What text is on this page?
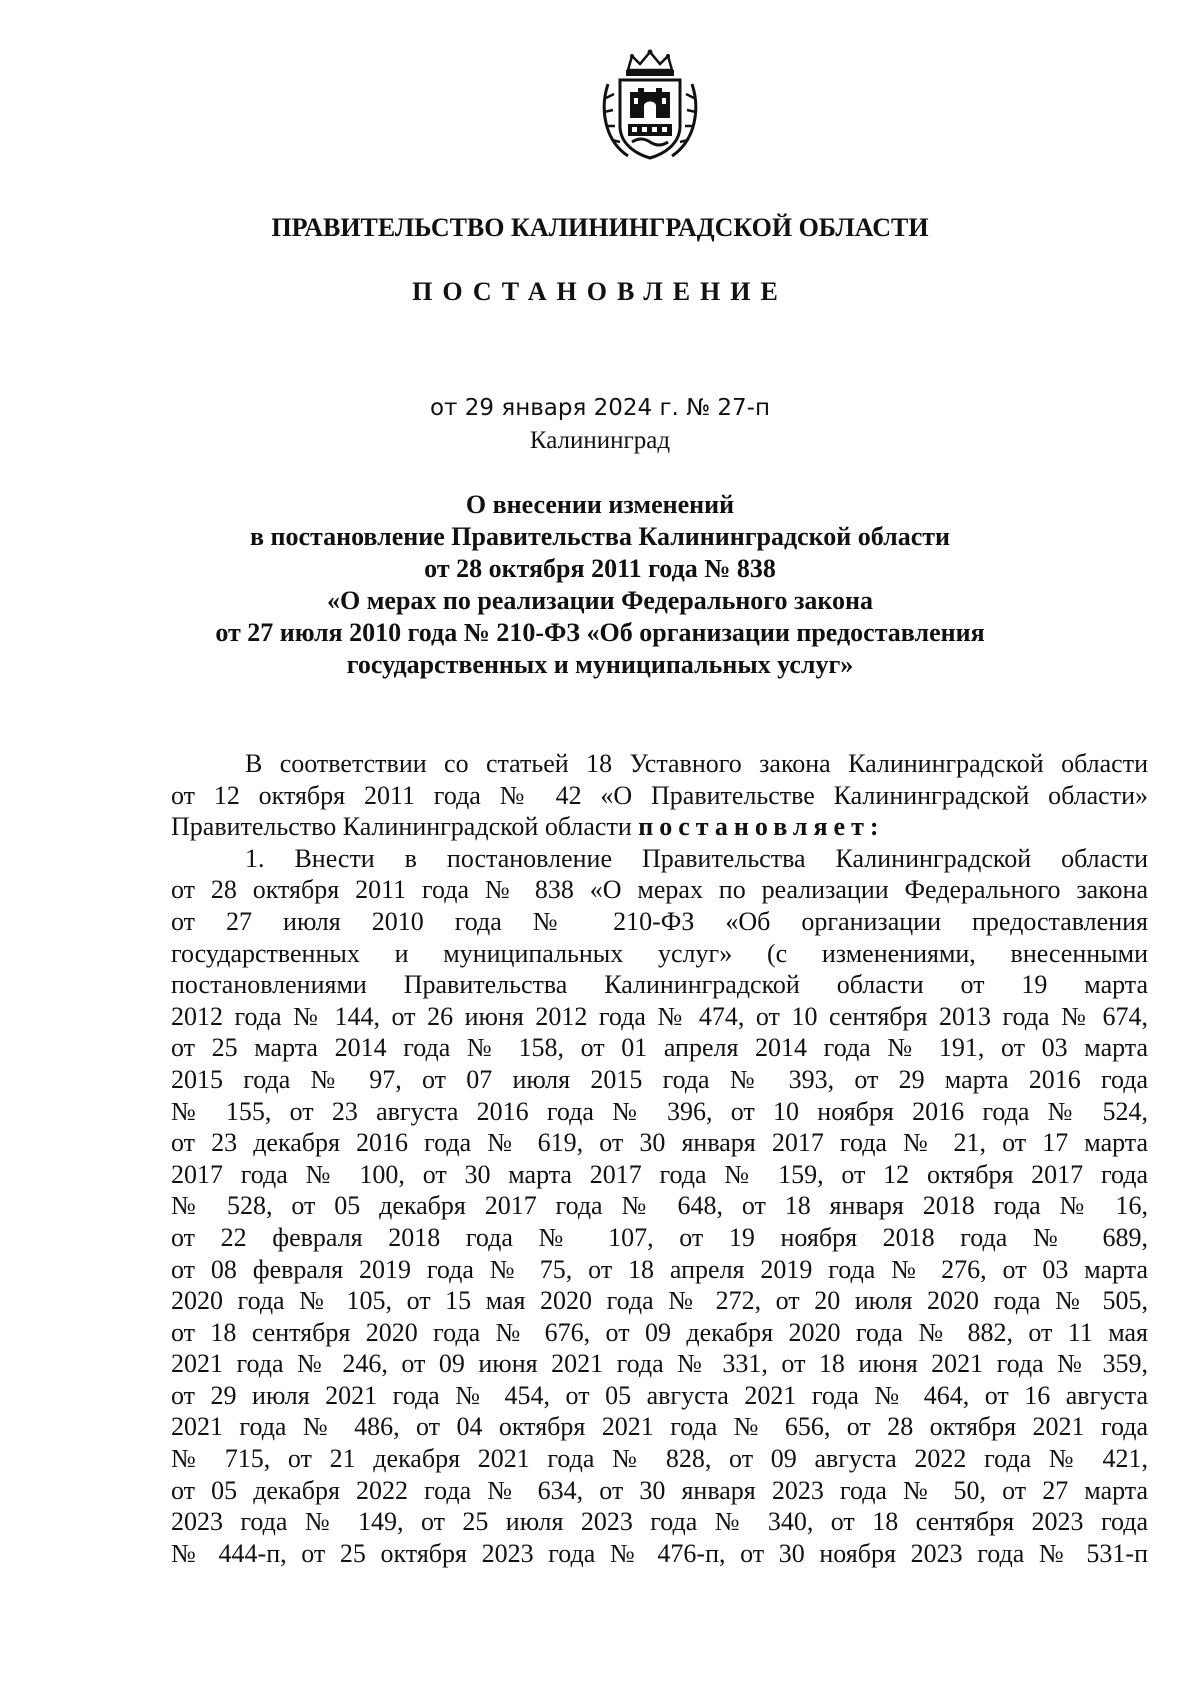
ПРАВИТЕЛЬСТВО КАЛИНИНГРАДСКОЙ ОБЛАСТИ
ПОСТАНОВЛЕНИЕ
от 29 января 2024 г. № 27-п
Калининград
О внесении изменений
в постановление Правительства Калининградской области
от 28 октября 2011 года № 838
«О мерах по реализации Федерального закона
от 27 июля 2010 года № 210-ФЗ «Об организации предоставления
государственных и муниципальных услуг»
В соответствии со статьей 18 Уставного закона Калининградской области
от 12 октября 2011 года № 42 «О Правительстве Калининградской области»
Правительство Калининградской области постановляет:
1. Внести в постановление Правительства Калининградской области
от 28 октября 2011 года № 838 «О мерах по реализации Федерального закона
от 27 июля 2010 года № 210-ФЗ «Об организации предоставления
государственных и муниципальных услуг» (с изменениями, внесенными
постановлениями Правительства Калининградской области от 19 марта
2012 года № 144, от 26 июня 2012 года № 474, от 10 сентября 2013 года № 674,
от 25 марта 2014 года № 158, от 01 апреля 2014 года № 191, от 03 марта
2015 года № 97, от 07 июля 2015 года № 393, от 29 марта 2016 года
№ 155, от 23 августа 2016 года № 396, от 10 ноября 2016 года № 524,
от 23 декабря 2016 года № 619, от 30 января 2017 года № 21, от 17 марта
2017 года № 100, от 30 марта 2017 года № 159, от 12 октября 2017 года
№ 528, от 05 декабря 2017 года № 648, от 18 января 2018 года № 16,
от 22 февраля 2018 года № 107, от 19 ноября 2018 года № 689,
от 08 февраля 2019 года № 75, от 18 апреля 2019 года № 276, от 03 марта
2020 года № 105, от 15 мая 2020 года № 272, от 20 июля 2020 года № 505,
от 18 сентября 2020 года № 676, от 09 декабря 2020 года № 882, от 11 мая
2021 года № 246, от 09 июня 2021 года № 331, от 18 июня 2021 года № 359,
от 29 июля 2021 года № 454, от 05 августа 2021 года № 464, от 16 августа
2021 года № 486, от 04 октября 2021 года № 656, от 28 октября 2021 года
№ 715, от 21 декабря 2021 года № 828, от 09 августа 2022 года № 421,
от 05 декабря 2022 года № 634, от 30 января 2023 года № 50, от 27 марта
2023 года № 149, от 25 июля 2023 года № 340, от 18 сентября 2023 года
№ 444-п, от 25 октября 2023 года № 476-п, от 30 ноября 2023 года № 531-п
